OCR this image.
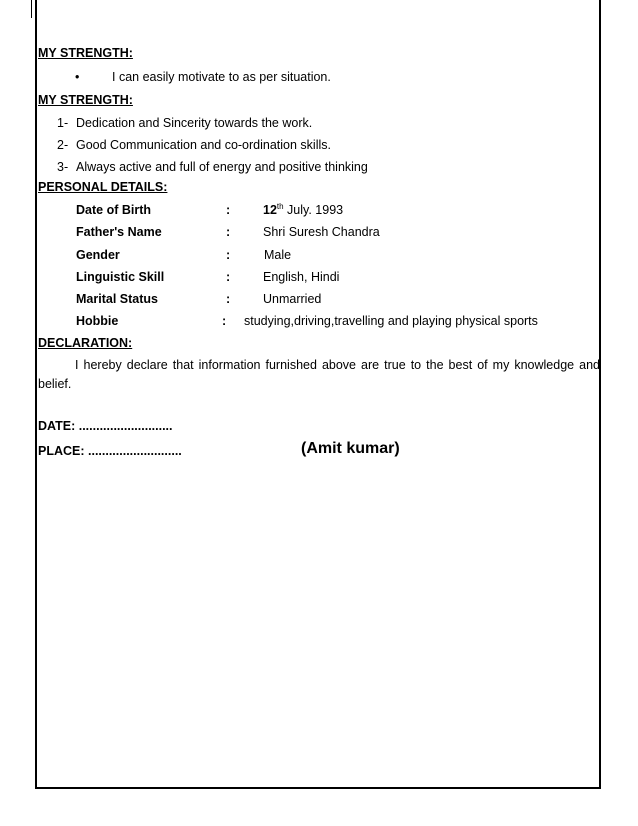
MY STRENGTH:
•	I can easily motivate to as per situation.
MY STRENGTH:
1- Dedication and Sincerity towards the work.
2- Good Communication and co-ordination skills.
3- Always active and full of energy and positive thinking
PERSONAL DETAILS:
Date of Birth	:	12th July. 1993
Father's Name	:	Shri Suresh Chandra
Gender	:	Male
Linguistic Skill	:	English, Hindi
Marital Status	:	Unmarried
Hobbie	: studying,driving,travelling and playing physical sports
DECLARATION:
I hereby declare that information furnished above are true to the best of my knowledge and belief.
DATE: ...........................
PLACE: ...........................	(Amit kumar)
